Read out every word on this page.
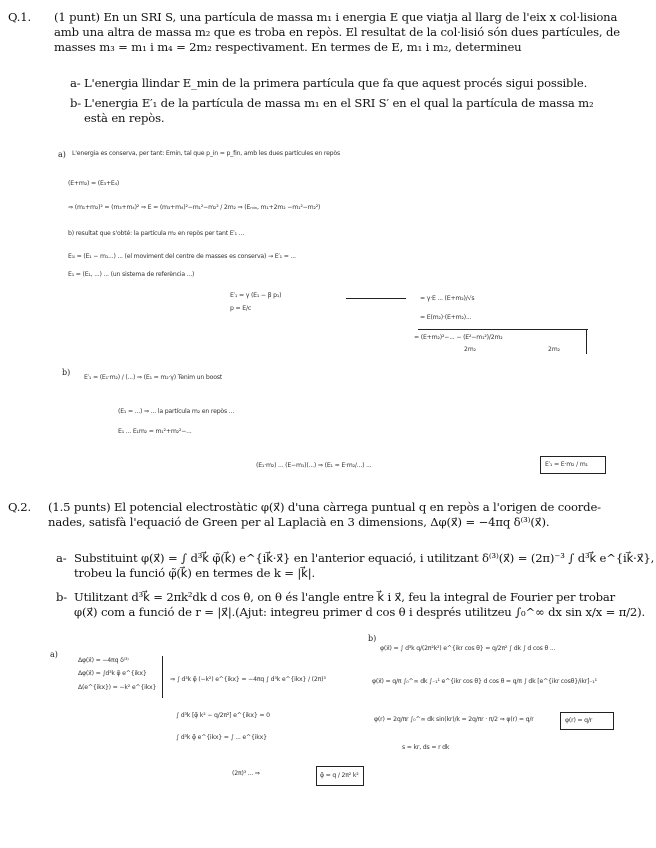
Q.1. (1 punt) En un SRI S, una partícula de massa m₁ i energia E que viatja al llarg de l'eix x col·lisiona
amb una altra de massa m₂ que es troba en repòs. El resultat de la col·lisió són dues partícules, de
masses m₃ = m₁ i m₄ = 2m₂ respectivament. En termes de E, m₁ i m₂, determineu
a- L'energia llindar E_min de la primera partícula que fa que aquest procés sigui possible.
b- L'energia E′₁ de la partícula de massa m₁ en el SRI S′ en el qual la partícula de massa m₂
està en repòs.
a) L'energia es conserva, per tant: Emin, tal que p_in = p_fin, amb les dues partícules en repòs
(E+m₂) = (E₃+E₄)
⇒ (m₁+m₂)² = (m₃+m₄)² ⇒ E = (m₃+m₄)²−m₁²−m₂² / 2m₂ ⇒ (Eₘᵢₙ, m₁+2m₂ −m₁²−m₂²)
b) resultat que s'obté: la partícula m₂ en repòs per tant E′₁ ...
E₁ₗ = (E₁ − m₁...) ... (el moviment del centre de masses es conserva) → E′₁ = ...
E₁ = (E₁, ...) ... (un sistema de referència ...)
E′₁ = γ (E₁ − β p₁)
p = E/c
= γ·E ... (E+m₂)/√s
= E(m₂)·(E+m₂)...
= (E+m₂)²−... − (E²−m₁²)/2m₂
2m₂	2m₂
b)
E′₁ = (E₁·m₂) / (...) ⇒ (E₁ = m₂·γ) Tenim un boost
(E₁ = ...) ⇒ ... la partícula m₂ en repòs ...
E₁ ... E₁m₂ = m₁²+m₂²−...
(E₁·m₂) ... (E−m₁)(...) ⇒ (E₁ = E·m₂/...) ...	E′₁ = E·m₂ / m₁
Q.2. (1.5 punts) El potencial electrostàtic φ(x⃗) d'una càrrega puntual q en repòs a l'origen de coorde-
nades, satisfà l'equació de Green per al Laplacià en 3 dimensions, Δφ(x⃗) = −4πq δ⁽³⁾(x⃗).
a- Substituint φ(x⃗) = ∫ d³k⃗ φ̃(k⃗) e^{ik⃗·x⃗} en l'anterior equació, i utilitzant δ⁽³⁾(x⃗) = (2π)⁻³ ∫ d³k⃗ e^{ik⃗·x⃗},
trobeu la funció φ̃(k⃗) en termes de k = |k⃗|.
b- Utilitzant d³k⃗ = 2πk²dk d cos θ, on θ és l'angle entre k⃗ i x⃗, feu la integral de Fourier per trobar
φ(x⃗) com a funció de r = |x⃗|.(Ajut: integreu primer d cos θ i després utilitzeu ∫₀^∞ dx sin x/x = π/2).
a)
Δφ(x⃗) = −4πq δ⁽³⁾
Δφ(x⃗) = ∫d³k φ̃ e^{ikx}
Δ(e^{ikx}) = −k² e^{ikx}
⇒ ∫ d³k φ̃ (−k²) e^{ikx} = −4πq ∫ d³k e^{ikx} / (2π)³
∫ d³k [φ̃ k² − q/2π²] e^{ikx} = 0
∫ d³k φ̃ e^{ikx} = ∫ ... e^{ikx}
(2π)³ ... ⇒	φ̃ = q / 2π² k²
b)
φ(x⃗) = ∫ d³k q/(2π²k²) e^{ikr cos θ} = q/2π² ∫ dk ∫ d cos θ ...
φ(x⃗) = q/π ∫₀^∞ dk ∫₋₁¹ e^{ikr cos θ} d cos θ = q/π ∫ dk [e^{ikr cosθ}/ikr]₋₁¹
φ(r) = 2q/πr ∫₀^∞ dk sin(kr)/k = 2q/πr · π/2 ⇒ φ(r) = q/r
s = kr, ds = r dk
φ(r) = q/r
